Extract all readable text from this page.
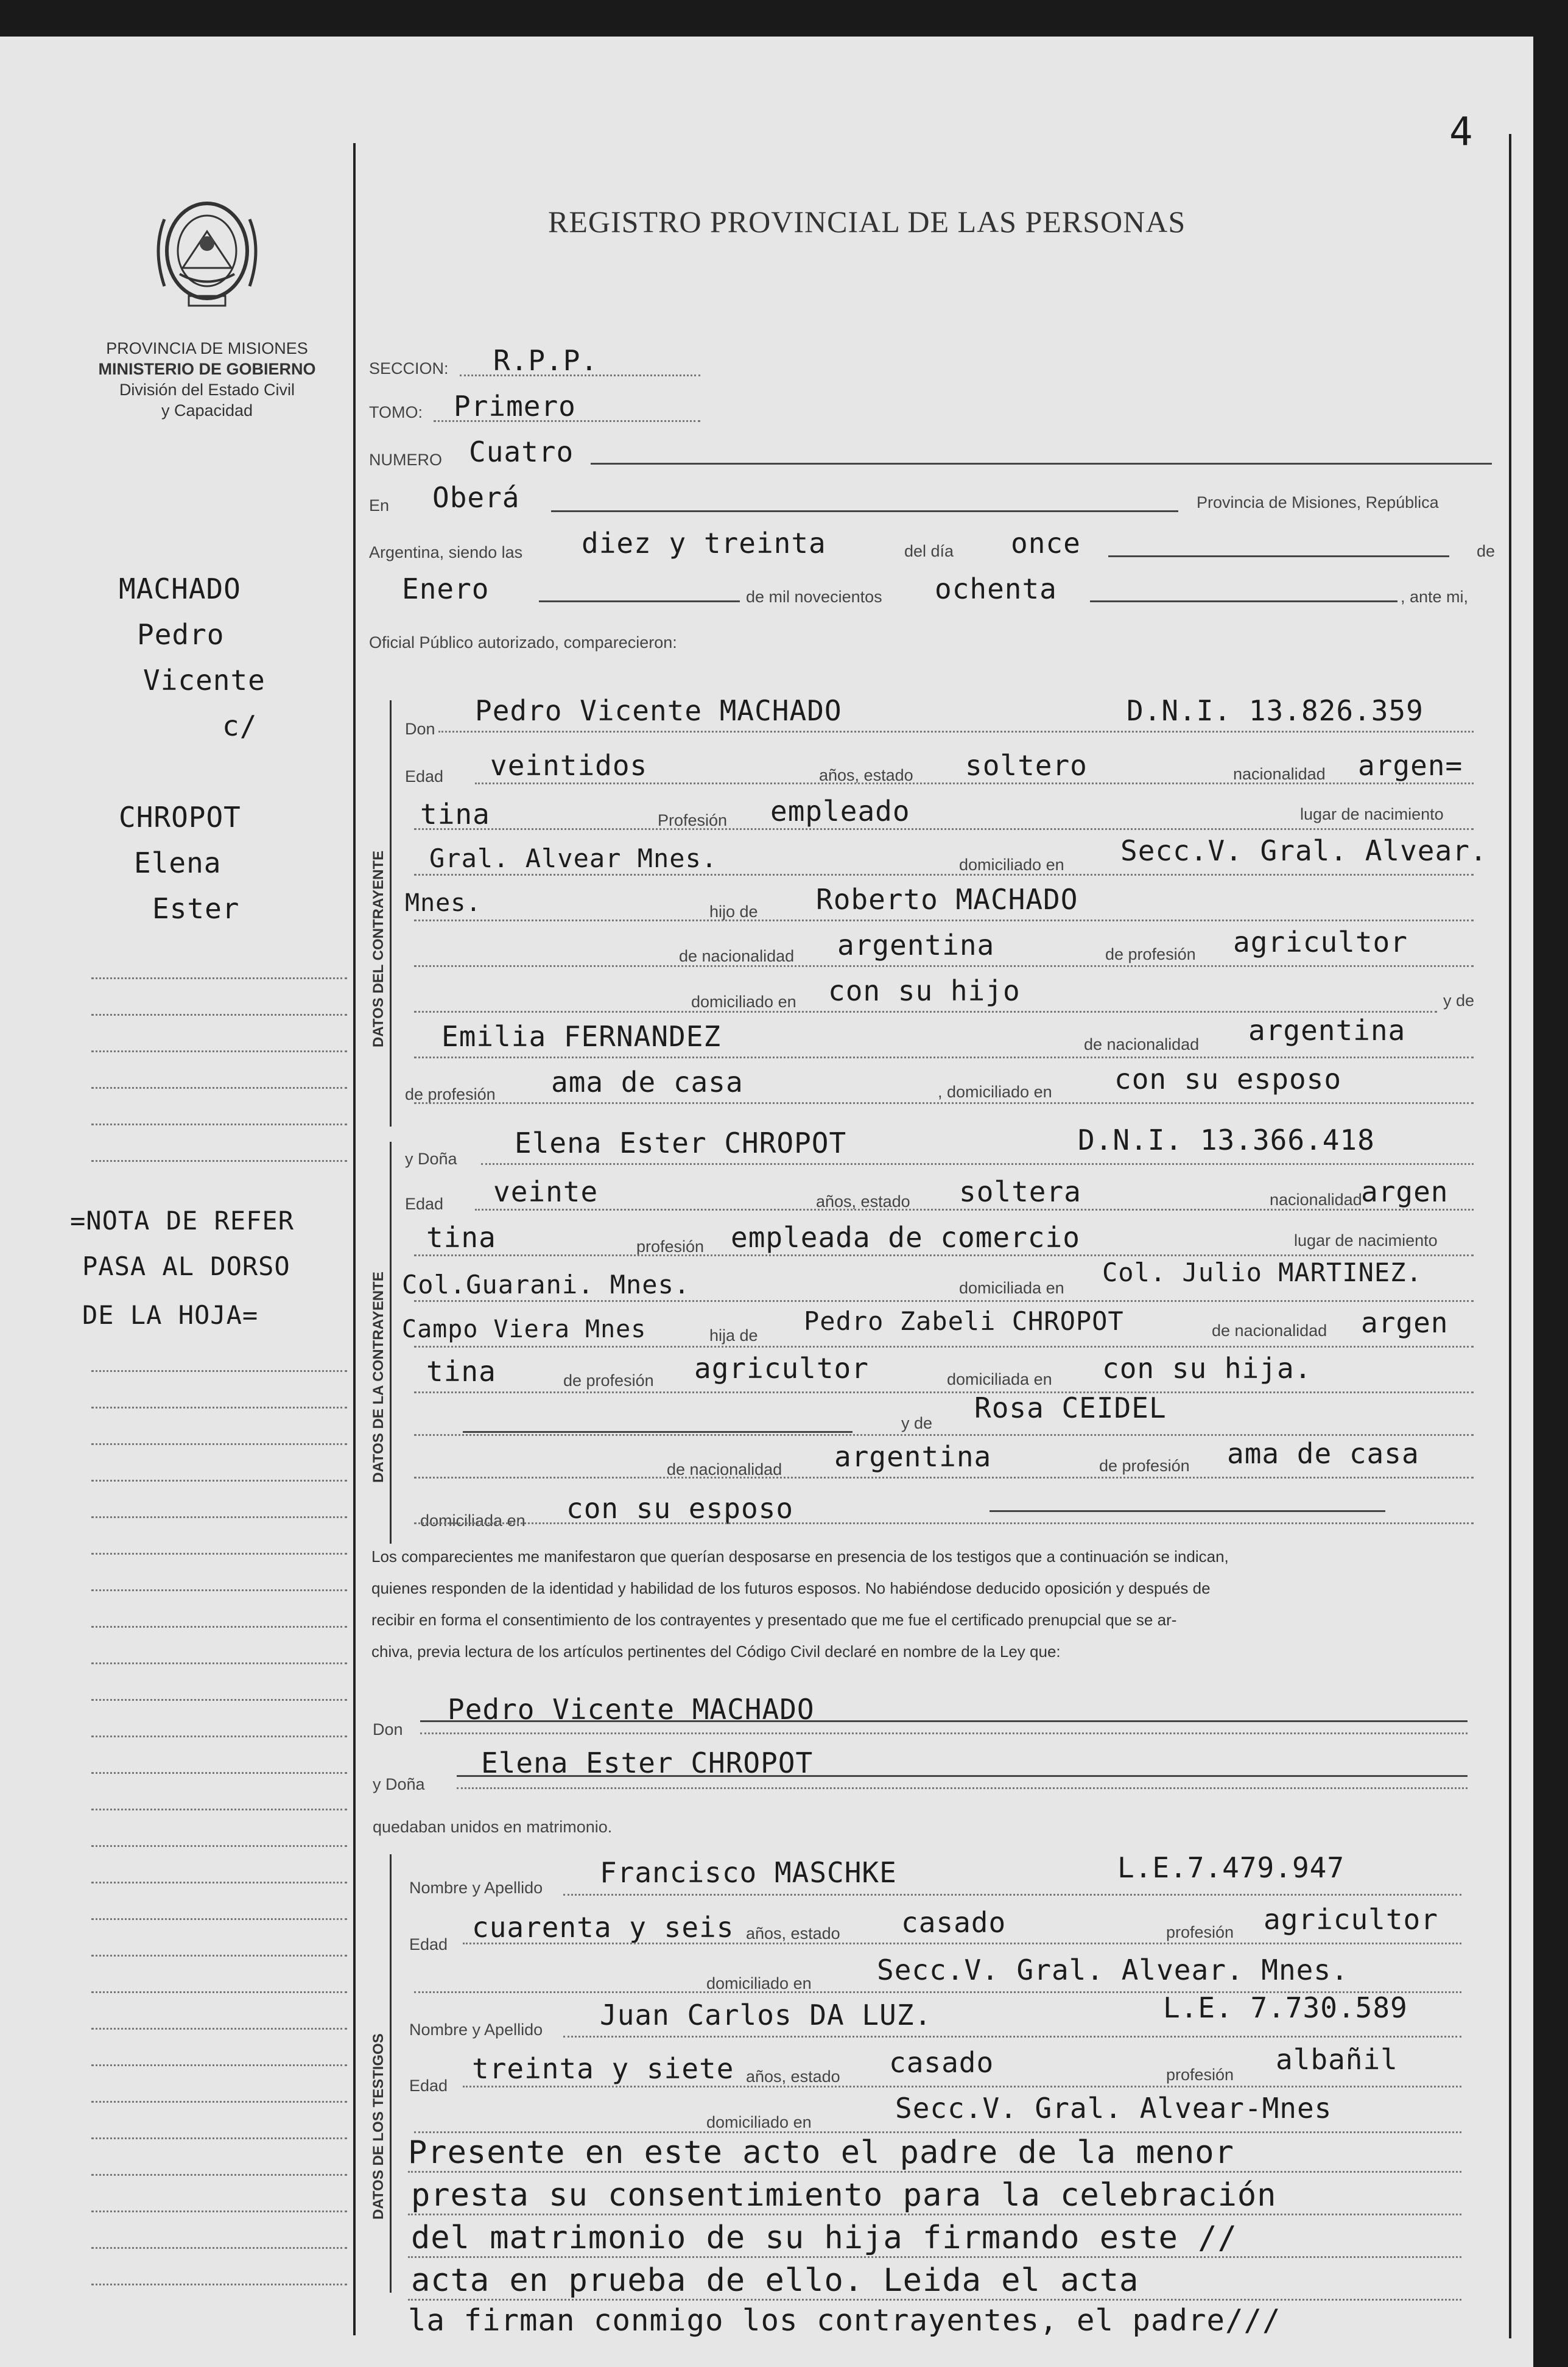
4
PROVINCIA DE MISIONES
MINISTERIO DE GOBIERNO
División del Estado Civil
y Capacidad
REGISTRO PROVINCIAL DE LAS PERSONAS
MACHADO
Pedro
Vicente
c/
CHROPOT
Elena
Ester
=NOTA DE REFER
PASA AL DORSO
DE LA HOJA=
SECCION: R.P.P.
TOMO: Primero
NUMERO Cuatro
En Oberá	Provincia de Misiones, República
Argentina, siendo las diez y treinta	del día once	de
Enero	de mil novecientos ochenta	, ante mi,
Oficial Público autorizado, comparecieron:
DATOS DEL CONTRAYENTE
Don
Pedro Vicente MACHADO	D.N.I. 13.826.359
Edad veintidos	años, estado soltero	nacionalidad argen=
tina	Profesión empleado	lugar de nacimiento
Gral. Alvear Mnes.	domiciliado en Secc.V. Gral. Alvear.
Mnes.	hijo de Roberto MACHADO
de nacionalidad argentina	de profesión agricultor
domiciliado en con su hijo	y de
Emilia FERNANDEZ	de nacionalidad argentina
de profesión ama de casa	, domiciliado en con su esposo
DATOS DE LA CONTRAYENTE
y Doña Elena Ester CHROPOT	D.N.I. 13.366.418
Edad veinte	años, estado soltera	nacionalidad
argen
tina	profesión empleada de comercio	lugar de nacimiento
Col.Guarani. Mnes.	domiciliada en
Col. Julio MARTINEZ.
Campo Viera Mnes	hija de Pedro Zabeli CHROPOT	de nacionalidad argen
tina	de profesión agricultor	domiciliada en con su hija.
y de Rosa CEIDEL
de nacionalidad argentina	de profesión ama de casa
domiciliada en con su esposo
Los comparecientes me manifestaron que querían desposarse en presencia de los testigos que a continuación se indican,
quienes responden de la identidad y habilidad de los futuros esposos. No habiéndose deducido oposición y después de
recibir en forma el consentimiento de los contrayentes y presentado que me fue el certificado prenupcial que se ar-
chiva, previa lectura de los artículos pertinentes del Código Civil declaré en nombre de la Ley que:
Don
Pedro Vicente MACHADO
y Doña
Elena Ester CHROPOT
quedaban unidos en matrimonio.
DATOS DE LOS TESTIGOS
Nombre y Apellido Francisco MASCHKE	L.E.7.479.947
Edad
cuarenta y seis años, estado casado	profesión agricultor
domiciliado en Secc.V. Gral. Alvear. Mnes.
Nombre y Apellido Juan Carlos DA LUZ.	L.E. 7.730.589
Edad
treinta y siete años, estado casado	profesión albañil
domiciliado en	Secc.V. Gral. Alvear-Mnes
Presente en este acto el padre de la menor
presta su consentimiento para la celebración
del matrimonio de su hija firmando este //
acta en prueba de ello. Leida el acta
la firman conmigo los contrayentes, el padre///
